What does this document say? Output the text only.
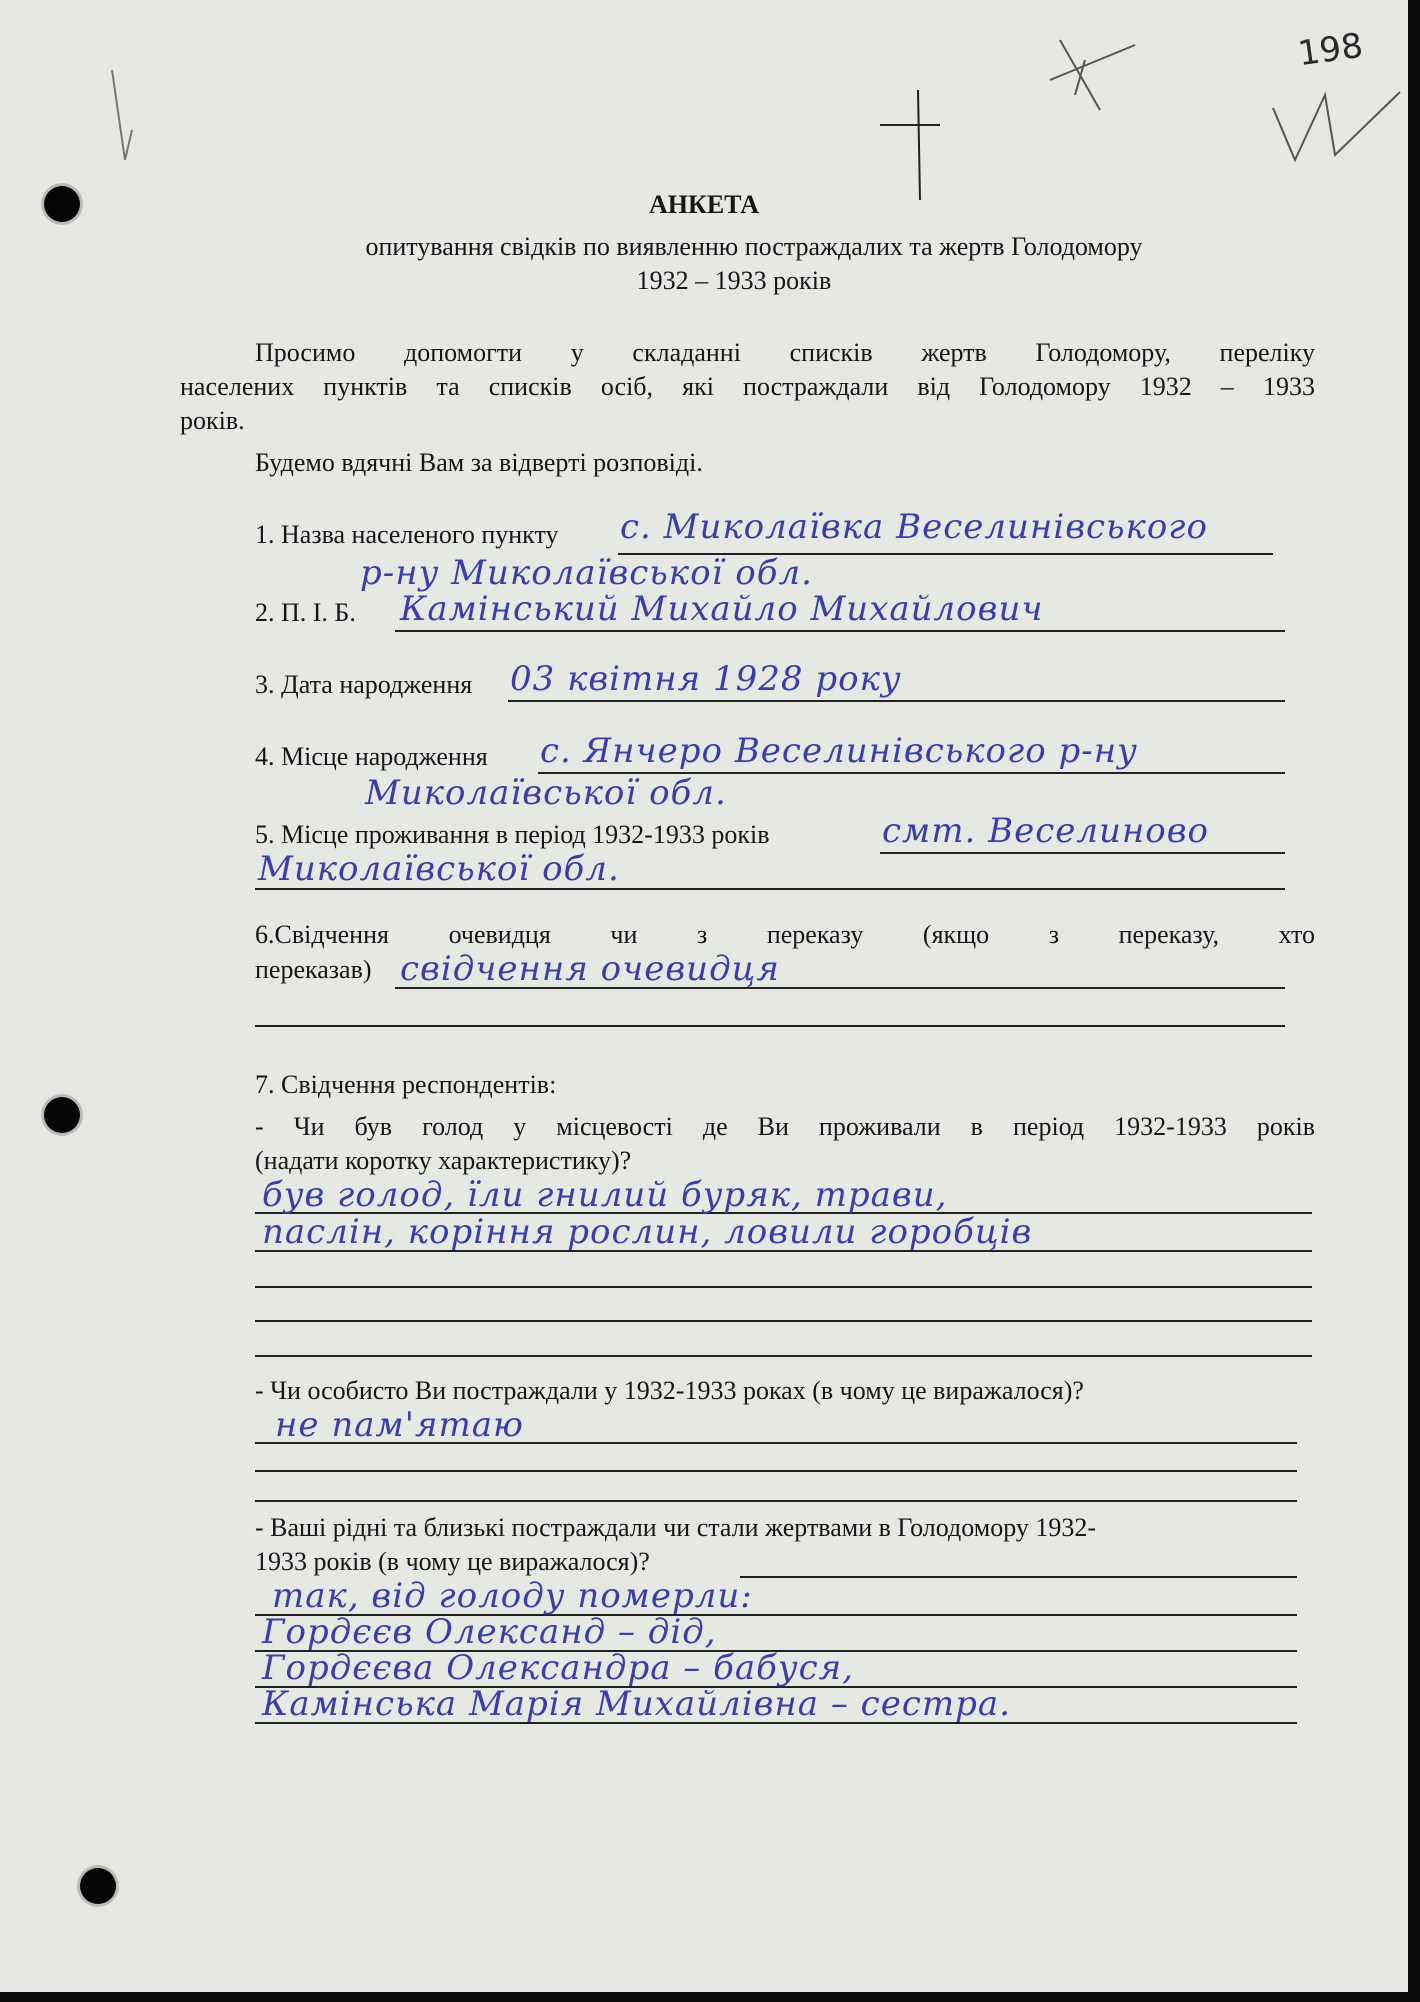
198
АНКЕТА
опитування свідків по виявленню постраждалих та жертв Голодомору
1932 – 1933 років
Просимо допомогти у складанні списків жертв Голодомору, переліку
населених пунктів та списків осіб, які постраждали від Голодомору 1932 – 1933
років.
Будемо вдячні Вам за відверті розповіді.
1. Назва населеного пункту с. Миколаївка Веселинівського
р-ну Миколаївської обл.
2. П. І. Б. Камінський Михайло Михайлович
3. Дата народження 03 квітня 1928 року
4. Місце народження с. Янчеро Веселинівського р-ну
Миколаївської обл.
5. Місце проживання в період 1932-1933 років	смт. Веселиново
Миколаївської обл.
6.Свідчення очевидця чи з переказу (якщо з переказу, хто
переказав) свідчення очевидця
7. Свідчення респондентів:
- Чи був голод у місцевості де Ви проживали в період 1932-1933 років
(надати коротку характеристику)?
був голод, їли гнилий буряк, трави,
паслін, коріння рослин, ловили горобців
- Чи особисто Ви постраждали у 1932-1933 роках (в чому це виражалося)?
не пам'ятаю
- Ваші рідні та близькі постраждали чи стали жертвами в Голодомору 1932-
1933 років (в чому це виражалося)?
так, від голоду померли:
Гордєєв Олександ – дід,
Гордєєва Олександра – бабуся,
Камінська Марія Михайлівна – сестра.
